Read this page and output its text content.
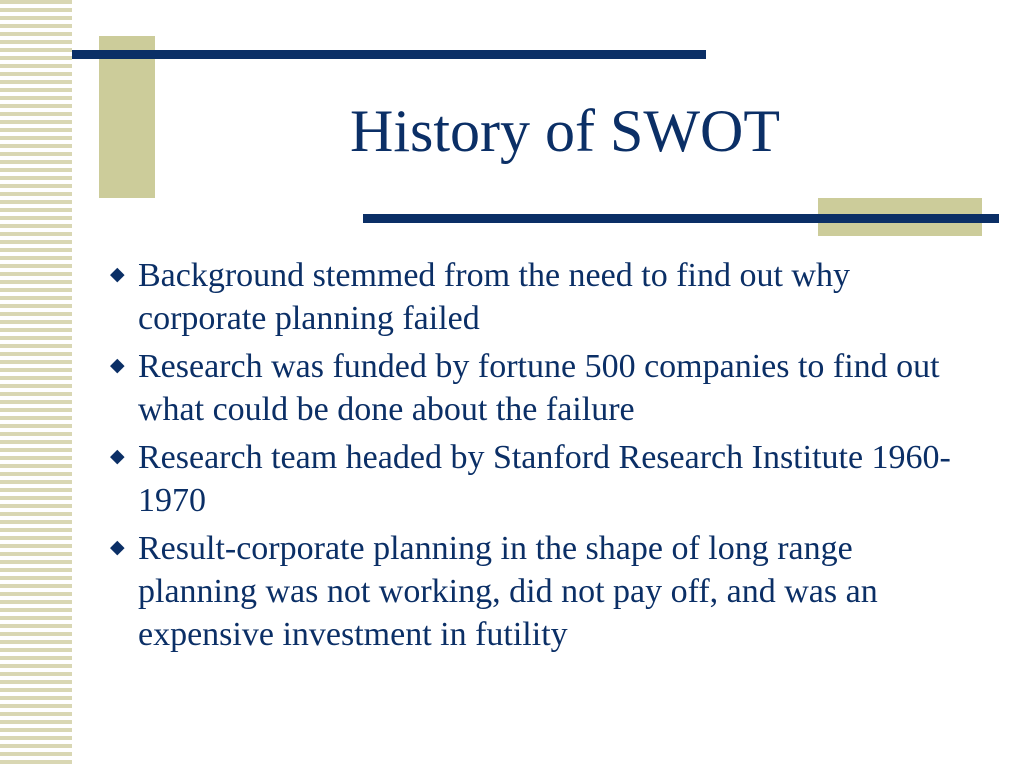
History of SWOT
◆ Background stemmed from the need to find out why corporate planning failed
◆ Research was funded by fortune 500 companies to find out what could be done about the failure
◆ Research team headed by Stanford Research Institute 1960-1970
◆ Result-corporate planning in the shape of long range planning was not working, did not pay off, and was an expensive investment in futility
